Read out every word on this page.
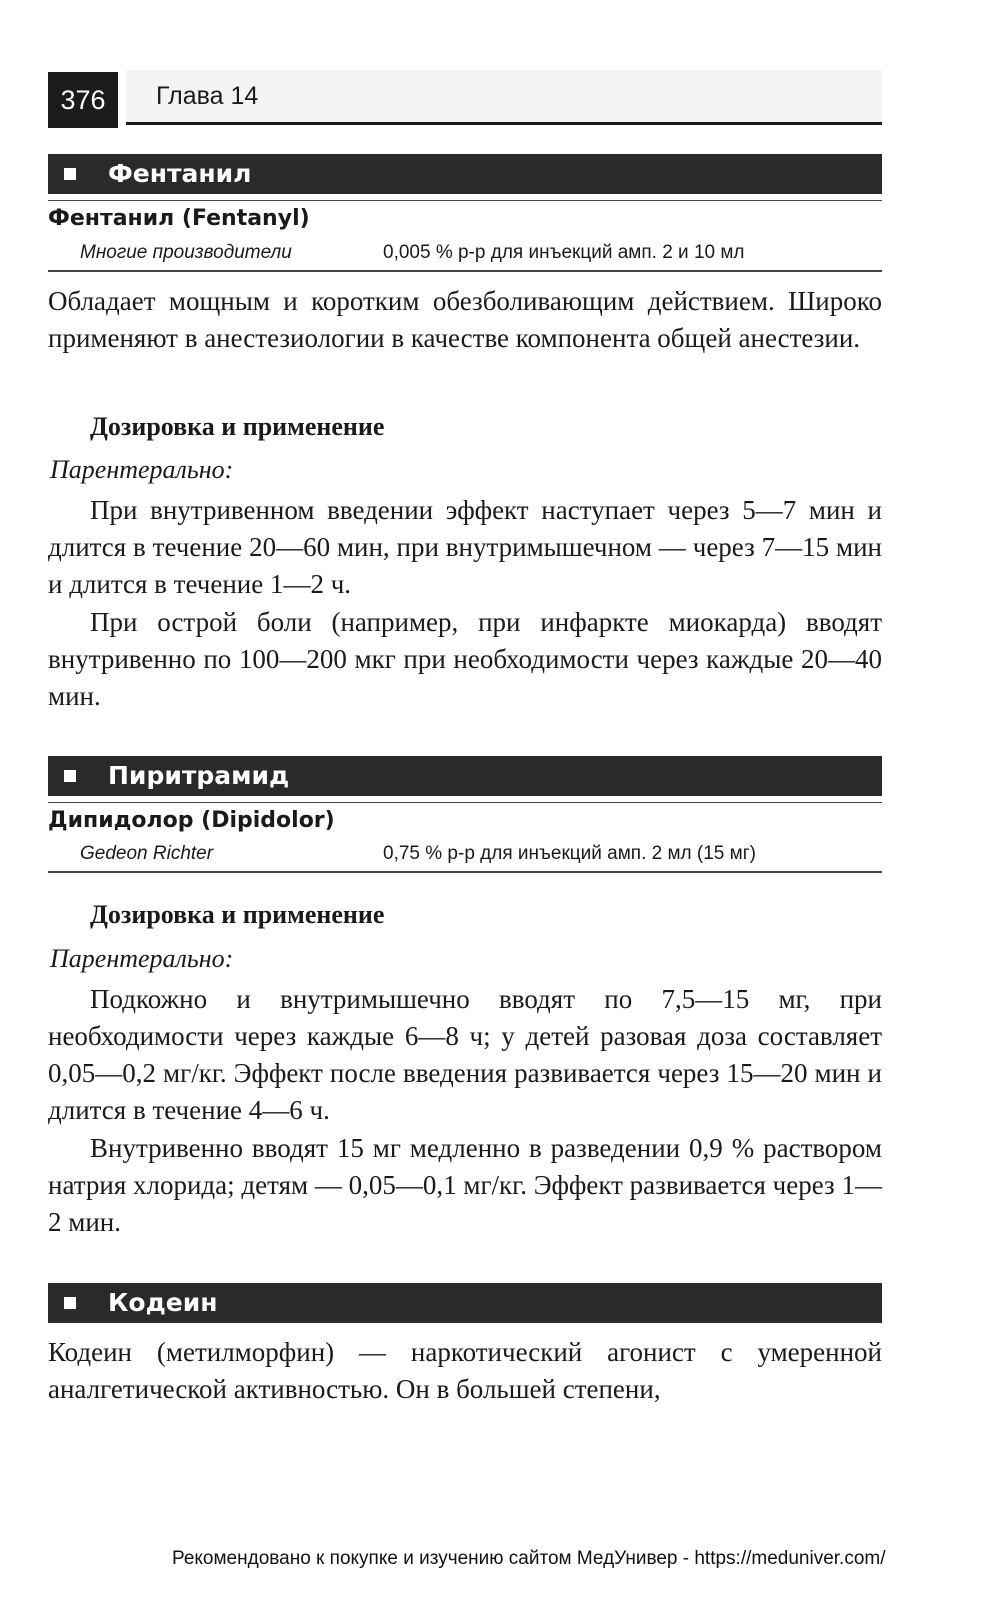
376	Глава 14
Фентанил
Фентанил (Fentanyl)
Многие производители	0,005 % р-р для инъекций амп. 2 и 10 мл

Обладает мощным и коротким обезболивающим действием. Широко применяют в анестезиологии в качестве компонента общей анестезии.

Дозировка и применение
Парентерально:

При внутривенном введении эффект наступает через 5—7 мин и длится в течение 20—60 мин, при внутримышечном — через 7—15 мин и длится в течение 1—2 ч.

При острой боли (например, при инфаркте миокарда) вводят внутривенно по 100—200 мкг при необходимости через каждые 20—40 мин.

Пиритрамид
Дипидолор (Dipidolor)
Gedeon Richter	0,75 % р-р для инъекций амп. 2 мл (15 мг)
Дозировка и применение
Парентерально:

Подкожно и внутримышечно вводят по 7,5—15 мг, при необходимости через каждые 6—8 ч; у детей разовая доза составляет 0,05—0,2 мг/кг. Эффект после введения развивается через 15—20 мин и длится в течение 4—6 ч.

Внутривенно вводят 15 мг медленно в разведении 0,9 % раствором натрия хлорида; детям — 0,05—0,1 мг/кг. Эффект развивается через 1—2 мин.

Кодеин

Кодеин (метилморфин) — наркотический агонист с умеренной аналгетической активностью. Он в большей степени,

Рекомендовано к покупке и изучению сайтом МедУнивер - https://meduniver.com/
